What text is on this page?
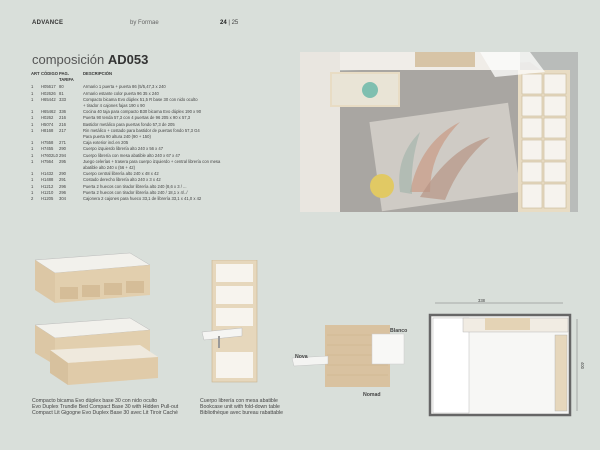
ADVANCE	by Formae	24 | 25
composición AD053
ART CÓDIGO PAG. TARIFA
DESCRIPCIÓN
1	H05617 80	Armario 1 puerta + puerta 86 (5/5,47,3 x 240
1	H02626 81	Armario estante color puerta 96 35 x 240
1	H65442 333	Compacto bicama Evo dúplex 51,5 R base 30 con nido oculto
+ tirador 4 cajones fajas 190 x 90
1	H65462 336	Cocina 40 taja para compacto B30 bicama Evo dúplex 190 x 90
1	H0262	216	Puerta 90 tenda 57,3 con 4 puertas de 96 205 x 90 x 57,3
1	H5074	216	Bastidor metálico para puertas fondo 57,3 de 205
1	H8168	217	Rin metálico + costado para bastidor de puertas fondo 57,3 G4
Para puerta 90 altura 240 (90 + 150)
1	H7558	271	Caja exterior incl.en 205
1	H7455	290	Cuerpo izquierdo librería alto 240 x 56 x 47
1	H7602L0 294	Cuerpo librería con mesa abatible alto 240 x 67 x 47
1	H7564	295	Juego celerías + trasera para cuerpo izquierdo + central librería con mesa
abatible alto 240 x (56 + 42)
1	H1432	290	Cuerpo central librería alto 240 x 48 x 42
1	H1488	291	Costado derecho librería alto 240 x 3 x 42
1	H1212	296	Puerta 2 huecos con tirador librería alto 240 (8,6 x 3 / ...
1	H1210	296	Puerta 2 huecos con tirador librería alto 240 / 18,1 x 4/../
2	H1205	304	Cajonera 2 cajones para hueco 33,1 de librería 33,1 x 41,0 x 42
Blanco
Nova
Nomad
338
400
Compacto bicama Evo dúplex base 30 con nido oculto
Evo Duplex Trundle Bed Compact Base 30 with Hidden Pull-out
Compact Lit Gigogne Evo Duplex Base 30 avec Lit Tiroir Caché
Cuerpo librería con mesa abatible
Bookcase unit with fold-down table
Bibliothèque avec bureau rabattable
